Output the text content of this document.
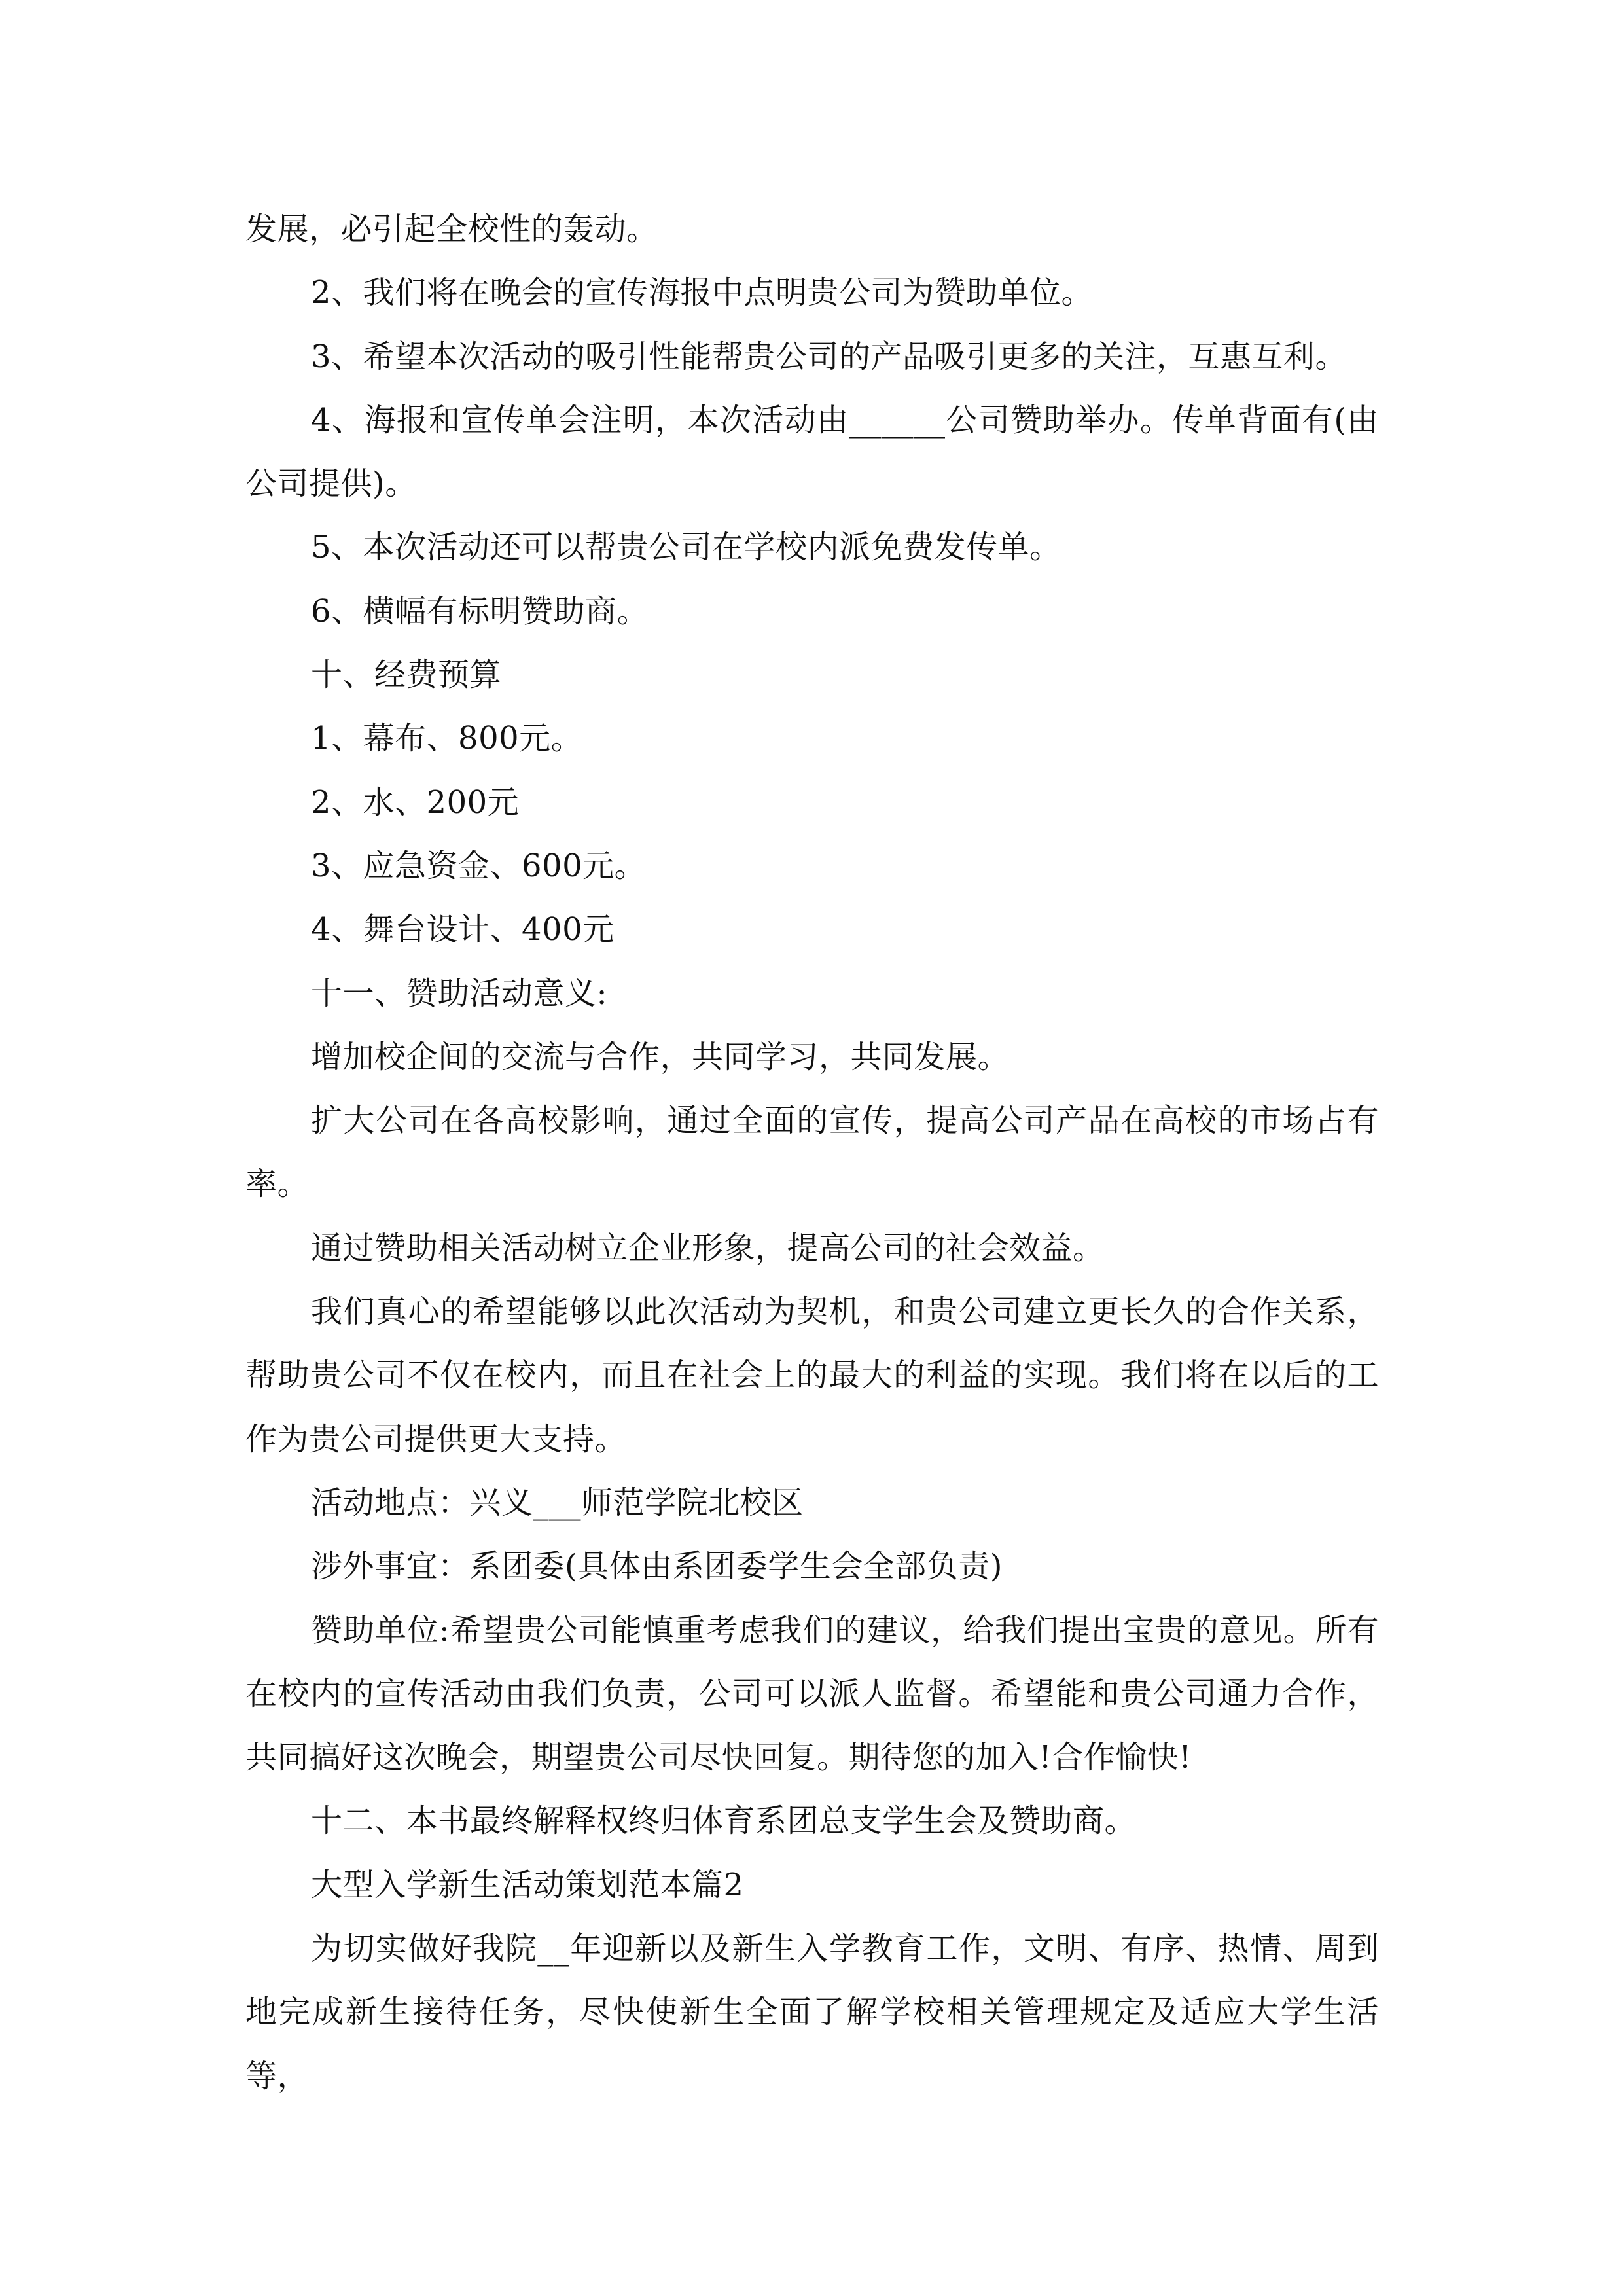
发展，必引起全校性的轰动。

2、我们将在晚会的宣传海报中点明贵公司为赞助单位。

3、希望本次活动的吸引性能帮贵公司的产品吸引更多的关注，互惠互利。

4、海报和宣传单会注明，本次活动由______公司赞助举办。传单背面有(由公司提供)。

5、本次活动还可以帮贵公司在学校内派免费发传单。

6、横幅有标明赞助商。

十、经费预算

1、幕布、800元。

2、水、200元

3、应急资金、600元。

4、舞台设计、400元

十一、赞助活动意义:

增加校企间的交流与合作，共同学习，共同发展。

扩大公司在各高校影响，通过全面的宣传，提高公司产品在高校的市场占有率。

通过赞助相关活动树立企业形象，提高公司的社会效益。

我们真心的希望能够以此次活动为契机，和贵公司建立更长久的合作关系，帮助贵公司不仅在校内，而且在社会上的最大的利益的实现。我们将在以后的工作为贵公司提供更大支持。

活动地点：兴义___师范学院北校区

涉外事宜：系团委(具体由系团委学生会全部负责)

赞助单位:希望贵公司能慎重考虑我们的建议，给我们提出宝贵的意见。所有在校内的宣传活动由我们负责，公司可以派人监督。希望能和贵公司通力合作，共同搞好这次晚会，期望贵公司尽快回复。期待您的加入!合作愉快!

十二、本书最终解释权终归体育系团总支学生会及赞助商。

大型入学新生活动策划范本篇2

为切实做好我院__年迎新以及新生入学教育工作，文明、有序、热情、周到地完成新生接待任务，尽快使新生全面了解学校相关管理规定及适应大学生活等，
